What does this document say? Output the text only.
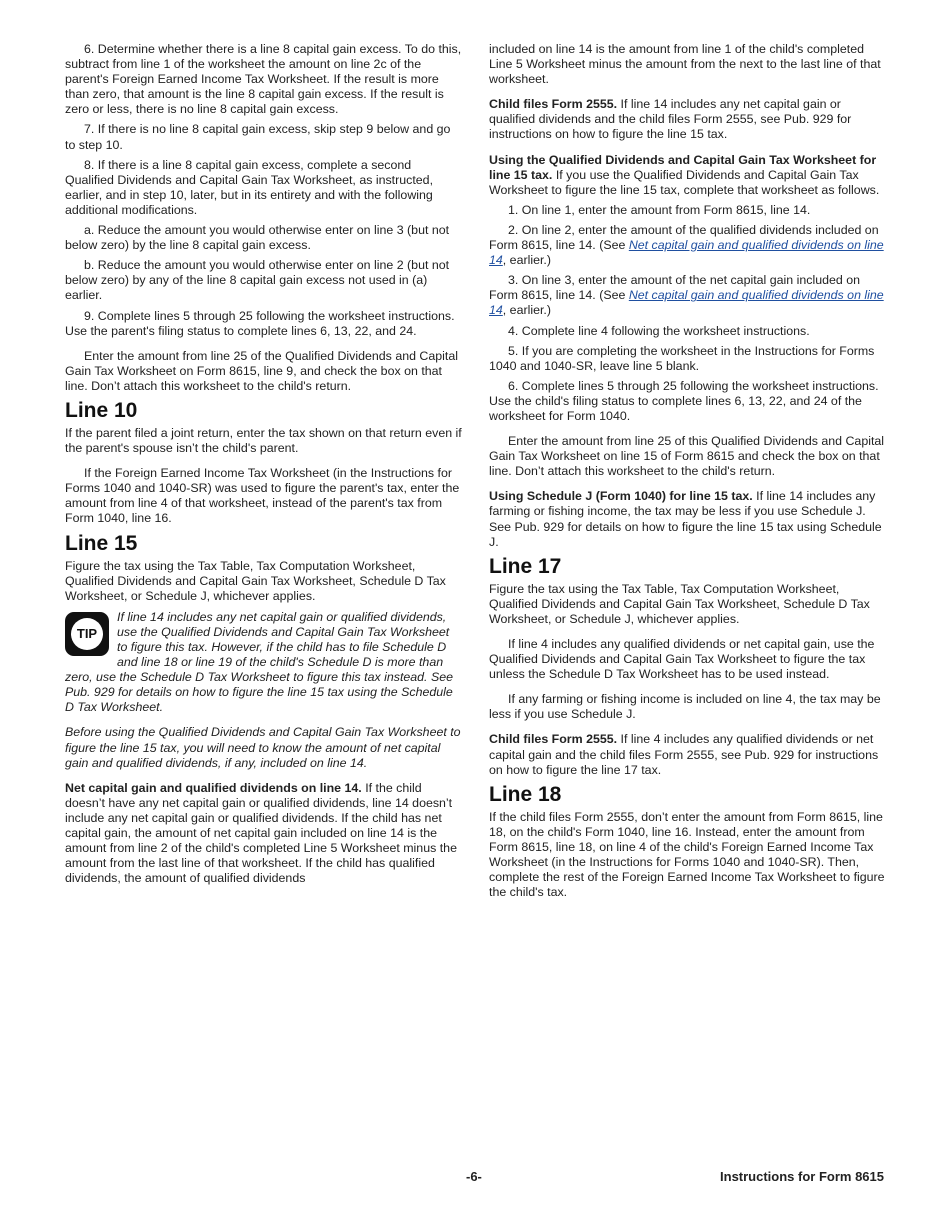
6. Determine whether there is a line 8 capital gain excess. To do this, subtract from line 1 of the worksheet the amount on line 2c of the parent's Foreign Earned Income Tax Worksheet. If the result is more than zero, that amount is the line 8 capital gain excess. If the result is zero or less, there is no line 8 capital gain excess.

7. If there is no line 8 capital gain excess, skip step 9 below and go to step 10.

8. If there is a line 8 capital gain excess, complete a second Qualified Dividends and Capital Gain Tax Worksheet, as instructed, earlier, and in step 10, later, but in its entirety and with the following additional modifications.

a. Reduce the amount you would otherwise enter on line 3 (but not below zero) by the line 8 capital gain excess.

b. Reduce the amount you would otherwise enter on line 2 (but not below zero) by any of the line 8 capital gain excess not used in (a) earlier.

9. Complete lines 5 through 25 following the worksheet instructions. Use the parent's filing status to complete lines 6, 13, 22, and 24.

Enter the amount from line 25 of the Qualified Dividends and Capital Gain Tax Worksheet on Form 8615, line 9, and check the box on that line. Don’t attach this worksheet to the child's return.

Line 10

If the parent filed a joint return, enter the tax shown on that return even if the parent's spouse isn’t the child's parent.

If the Foreign Earned Income Tax Worksheet (in the Instructions for Forms 1040 and 1040-SR) was used to figure the parent's tax, enter the amount from line 4 of that worksheet, instead of the parent's tax from Form 1040, line 16.

Line 15

Figure the tax using the Tax Table, Tax Computation Worksheet, Qualified Dividends and Capital Gain Tax Worksheet, Schedule D Tax Worksheet, or Schedule J, whichever applies.

TIP
If line 14 includes any net capital gain or qualified dividends, use the Qualified Dividends and Capital Gain Tax Worksheet to figure this tax. However, if the child has to file Schedule D and line 18 or line 19 of the child's Schedule D is more than zero, use the Schedule D Tax Worksheet to figure this tax instead. See Pub. 929 for details on how to figure the line 15 tax using the Schedule D Tax Worksheet.

Before using the Qualified Dividends and Capital Gain Tax Worksheet to figure the line 15 tax, you will need to know the amount of net capital gain and qualified dividends, if any, included on line 14.

Net capital gain and qualified dividends on line 14. If the child doesn’t have any net capital gain or qualified dividends, line 14 doesn’t include any net capital gain or qualified dividends. If the child has net capital gain, the amount of net capital gain included on line 14 is the amount from line 2 of the child's completed Line 5 Worksheet minus the amount from the last line of that worksheet. If the child has qualified dividends, the amount of qualified dividends

included on line 14 is the amount from line 1 of the child's completed Line 5 Worksheet minus the amount from the next to the last line of that worksheet.

Child files Form 2555. If line 14 includes any net capital gain or qualified dividends and the child files Form 2555, see Pub. 929 for instructions on how to figure the line 15 tax.

Using the Qualified Dividends and Capital Gain Tax Worksheet for line 15 tax. If you use the Qualified Dividends and Capital Gain Tax Worksheet to figure the line 15 tax, complete that worksheet as follows.

1. On line 1, enter the amount from Form 8615, line 14.

2. On line 2, enter the amount of the qualified dividends included on Form 8615, line 14. (See Net capital gain and qualified dividends on line 14, earlier.)

3. On line 3, enter the amount of the net capital gain included on Form 8615, line 14. (See Net capital gain and qualified dividends on line 14, earlier.)

4. Complete line 4 following the worksheet instructions.

5. If you are completing the worksheet in the Instructions for Forms 1040 and 1040-SR, leave line 5 blank.

6. Complete lines 5 through 25 following the worksheet instructions. Use the child's filing status to complete lines 6, 13, 22, and 24 of the worksheet for Form 1040.

Enter the amount from line 25 of this Qualified Dividends and Capital Gain Tax Worksheet on line 15 of Form 8615 and check the box on that line. Don’t attach this worksheet to the child's return.

Using Schedule J (Form 1040) for line 15 tax. If line 14 includes any farming or fishing income, the tax may be less if you use Schedule J. See Pub. 929 for details on how to figure the line 15 tax using Schedule J.

Line 17

Figure the tax using the Tax Table, Tax Computation Worksheet, Qualified Dividends and Capital Gain Tax Worksheet, Schedule D Tax Worksheet, or Schedule J, whichever applies.

If line 4 includes any qualified dividends or net capital gain, use the Qualified Dividends and Capital Gain Tax Worksheet to figure the tax unless the Schedule D Tax Worksheet has to be used instead.

If any farming or fishing income is included on line 4, the tax may be less if you use Schedule J.

Child files Form 2555. If line 4 includes any qualified dividends or net capital gain and the child files Form 2555, see Pub. 929 for instructions on how to figure the line 17 tax.

Line 18

If the child files Form 2555, don’t enter the amount from Form 8615, line 18, on the child's Form 1040, line 16. Instead, enter the amount from Form 8615, line 18, on line 4 of the child's Foreign Earned Income Tax Worksheet (in the Instructions for Forms 1040 and 1040-SR). Then, complete the rest of the Foreign Earned Income Tax Worksheet to figure the child's tax.

-6-	Instructions for Form 8615
